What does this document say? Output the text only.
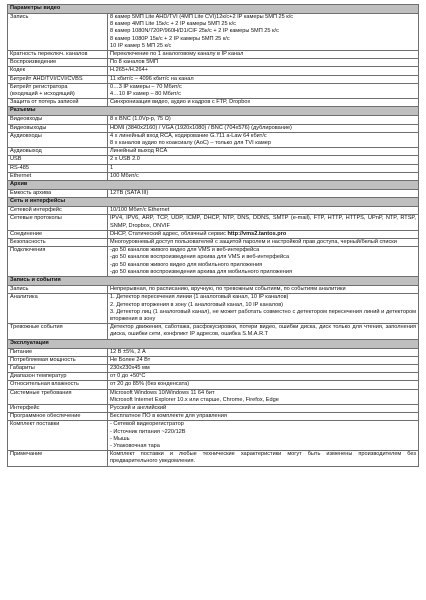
Параметры видео	

Запись	8 камер 5МП Lite AHD/TVI (4МП Lite CVI)12к/с+2 IP камеры 5МП 25 к/с
8 камер 4МП Lite 15к/с + 2 IP камеры 5МП 25 к/с
8 камер 1080N/720P/960H/D1/CIF 25к/с + 2 IP камеры 5МП 25 к/с
8 камер 1080P 15к/с + 2 IP камеры 5МП 25 к/с
10 IP камер 5 МП 25 к/с

Кратность переключ. каналов	Переключение по 1 аналоговому каналу в IP канал

Воспроизведение	По 8 каналов 5МП

Кодек	H.265+/H.264+

Битрейт AHD/TVI/CVI/CVBS	11 кбит/с – 4096 кбит/с на канал

Битрейт регистратора
(входящий + исходящий)	0…3 IP камеры – 70 Мбит/с
4…10 IP камер – 80 Мбит/с

Защита от потерь записей	Синхронизация видео, аудио и кадров с FTP, Dropbox

Разъемы	

Видеовходы	8 x BNC (1.0Vp-p, 75 Ω)

Видеовыходы	HDMI (3840x2160) / VGA (1920x1080) / BNC (704x576) (дублирование)

Аудиовходы	4 х линейный вход RCA, кодирование G.711 a-Law 64 кбит/с
8 х каналов аудио по коаксиалу (AoC) – только для TVI камер

Аудиовыход	Линейный выход RCA

USB	2 x USB 2.0

RS-485	1

Ethernet	100 Мбит/с

Архив	

Емкость архива	12ТВ (SATA III)

Сеть и интерфейсы	

Сетевой интерфейс	10/100 Мбит/с Ethernet

Сетевые протоколы	IPV4, IPV6, ARP, TCP, UDP, ICMP, DHCP, NTP, DNS, DDNS, SMTP (e-mail), FTP, HTTP, HTTPS, UPnP, NTP, RTSP, SNMP, Dropbox, ONVIF

Соединение	DHCP, Статический адрес, облачный сервис http://vms2.tantos.pro

Безопасность	Многоуровневый доступ пользователей с защитой паролем и настройкой прав доступа, черный/белый списки

Подключения	-до 50 каналов живого видео для VMS и веб-интерфейса
-до 50 каналов воспроизведения архива для VMS и веб-интерфейса
-до 50 каналов живого видео для мобильного приложения
-до 50 каналов воспроизведения архива для мобильного приложения

Запись и события	

Запись	Непрерывная, по расписанию, вручную, по тревожным событиям, по событиям аналитики

Аналитика	1. Детектор пересечения линии (1 аналоговый канал, 10 IP каналов)
2. Детектор вторжения в зону (1 аналоговый канал, 10 IP каналов)
3. Детектор лиц (1 аналоговый канал), не может работать совместно с детектором пересечения линий и детектором вторжения в зону

Тревожные события	Детектор движения, саботажа, расфокусировки, потери видео, ошибки диска, диск только для чтения, заполнения диска, ошибки сети, конфликт IP адресов, ошибка S.M.A.R.T

Эксплуатация	

Питание	12 В ±5%, 2 А

Потребляемая мощность	Не Более 24 Вт

Габариты	230х230х45 мм

Диапазон температур	от 0 до +50°C

Относительная влажность	от 20 до 85% (без конденсата)

Системные требования	Microsoft Windows 10/Windows 11 64 бит
Microsoft Internet Explorer 10.х или старше, Chrome, Firefox, Edge

Интерфейс	Русский и английский

Программное обеспечение	Бесплатное ПО в комплекте для управления

Комплект поставки	- Сетевой видеорегистратор
- Источник питания ~220/12В
- Мышь
- Упаковочная тара

Примечание	Комплект поставки и любые технические характеристики могут быть изменены производителем без предварительного уведомления.
